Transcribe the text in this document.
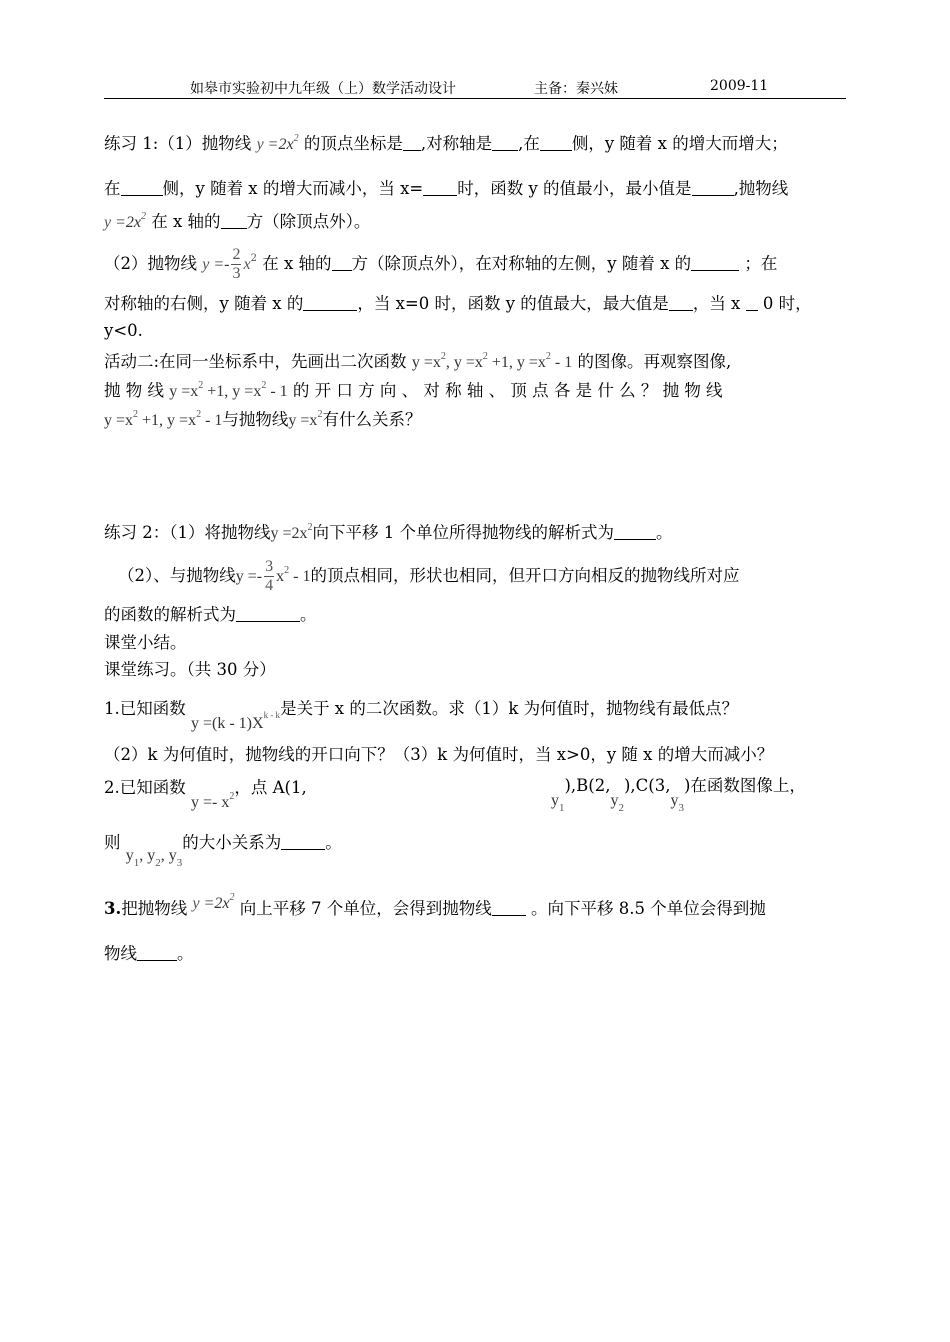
如皋市实验初中九年级（上）数学活动设计	主备：秦兴妹	2009-11
练习 1:（1）抛物线 $y =2x^2$ 的顶点坐标是 ,对称轴是 ,在 侧，y 随着 x 的增大而增大；
在	侧，y 随着 x 的增大而减小，当 x= 时，函数 y 的值最小，最小值是	,抛物线
$y =2x^2$ 在 x 轴的 方（除顶点外）。
（2）抛物线 $y =- \frac{2}{3} x^2$ 在 x 轴的 方（除顶点外），在对称轴的左侧，y 随着 x 的	；在
对称轴的右侧，y 随着 x 的	，当 x=0 时，函数 y 的值最大，最大值是 ，当 x 0 时，
y<0.
活动二:在同一坐标系中，先画出二次函数 $y =x^2$, $y =x^2 +1$, $y =x^2 - 1$ 的图像。再观察图像,
抛 物 线 $y =x^2 +1$, $y =x^2 - 1$ 的 开 口 方 向 、 对 称 轴 、 顶 点 各 是 什 么 ？ 抛 物 线
$y =x^2 +1$, $y =x^2 - 1$与抛物线$y =x^2$有什么关系？
练习 2：（1）将抛物线$y =2x^2$向下平移 1 个单位所得抛物线的解析式为	。
（2）、与抛物线$y =- \frac{3}{4} x^2 - 1$的顶点相同，形状也相同，但开口方向相反的抛物线所对应
的函数的解析式为	。
课堂小结。
课堂练习。（共 30 分）
1.已知函数 $y =(k - 1)X^{k - k}$是关于 x 的二次函数。求（1）k 为何值时，抛物线有最低点？
（2）k 为何值时，抛物线的开口向下？（3）k 为何值时，当 x>0，y 随 x 的增大而减小？
2.已知函数 $y =- x^2$，点 A(1,
$y_1),B(2,y_2),C(3,y_3)$在函数图像上，
则 $y_1$, $y_2$, $y_3$的大小关系为	。
3.把抛物线 $y =2x^2$ 向上平移 7 个单位，会得到抛物线 。向下平移 8.5 个单位会得到抛
物线 。
